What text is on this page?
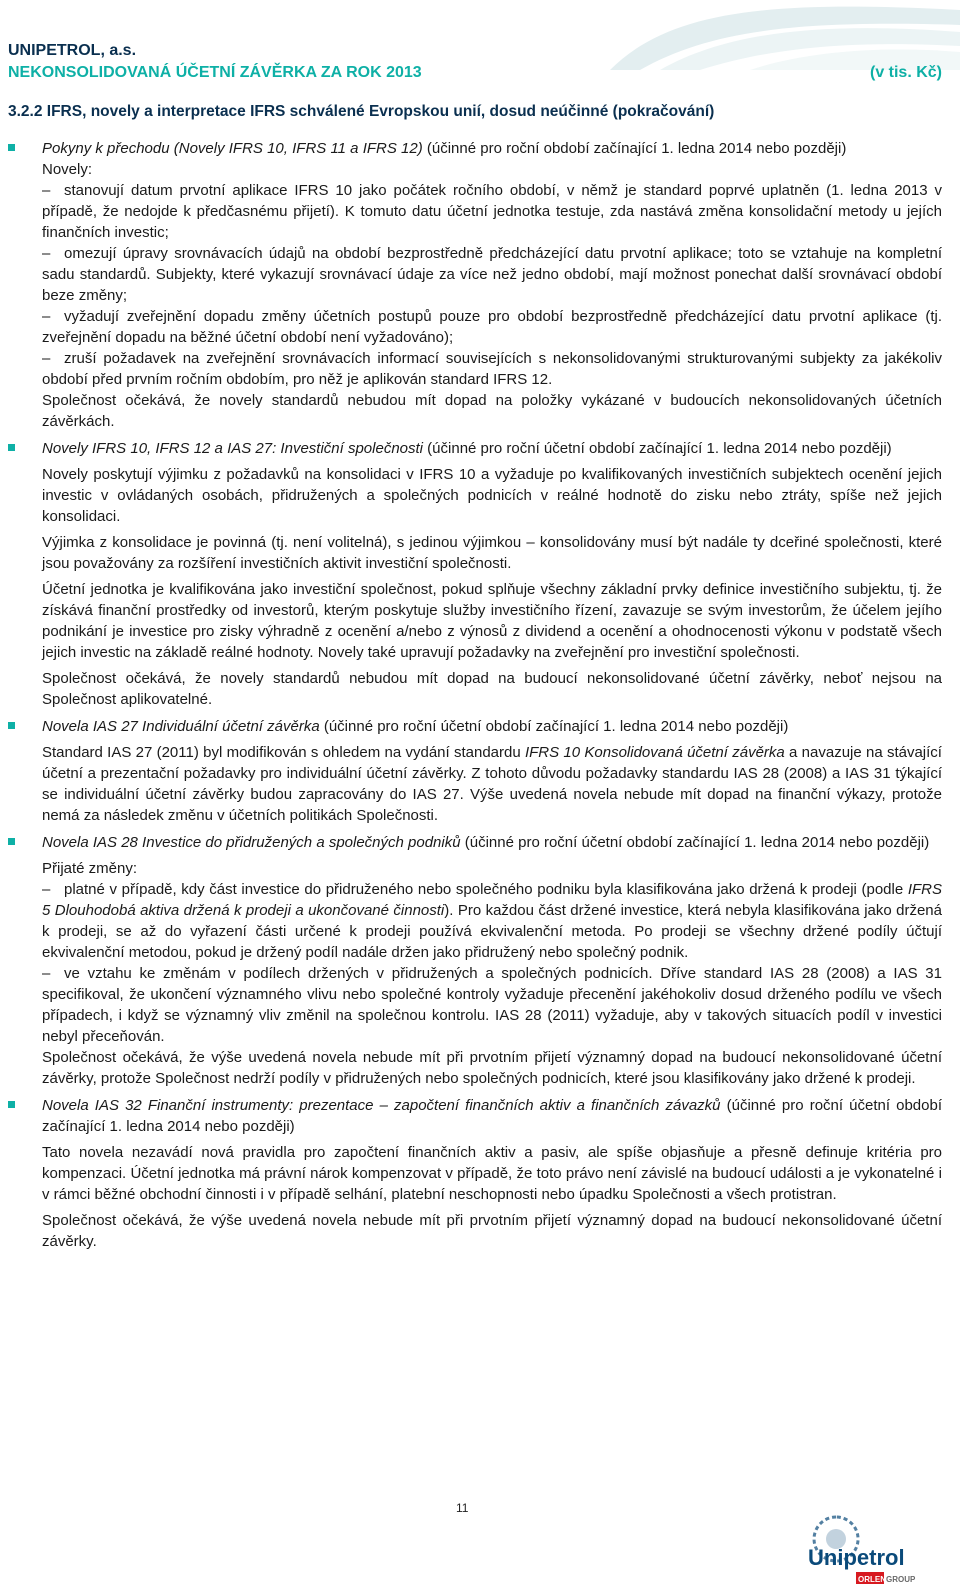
UNIPETROL, a.s.
NEKONSOLIDOVANÁ ÚČETNÍ ZÁVĚRKA ZA ROK 2013	(v tis. Kč)
3.2.2 IFRS, novely a interpretace IFRS schválené Evropskou unií, dosud neúčinné (pokračování)

Pokyny k přechodu (Novely IFRS 10, IFRS 11 a IFRS 12) (účinné pro roční období začínající 1. ledna 2014 nebo později)

Novely:

– stanovují datum prvotní aplikace IFRS 10 jako počátek ročního období, v němž je standard poprvé uplatněn (1. ledna 2013 v případě, že nedojde k předčasnému přijetí). K tomuto datu účetní jednotka testuje, zda nastává změna konsolidační metody u jejích finančních investic;

– omezují úpravy srovnávacích údajů na období bezprostředně předcházející datu prvotní aplikace; toto se vztahuje na kompletní sadu standardů. Subjekty, které vykazují srovnávací údaje za více než jedno období, mají možnost ponechat další srovnávací období beze změny;

– vyžadují zveřejnění dopadu změny účetních postupů pouze pro období bezprostředně předcházející datu prvotní aplikace (tj. zveřejnění dopadu na běžné účetní období není vyžadováno);

– zruší požadavek na zveřejnění srovnávacích informací souvisejících s nekonsolidovanými strukturovanými subjekty za jakékoliv období před prvním ročním obdobím, pro něž je aplikován standard IFRS 12.

Společnost očekává, že novely standardů nebudou mít dopad na položky vykázané v budoucích nekonsolidovaných účetních závěrkách.

Novely IFRS 10, IFRS 12 a IAS 27: Investiční společnosti (účinné pro roční účetní období začínající 1. ledna 2014 nebo později)

Novely poskytují výjimku z požadavků na konsolidaci v IFRS 10 a vyžaduje po kvalifikovaných investičních subjektech ocenění jejich investic v ovládaných osobách, přidružených a společných podnicích v reálné hodnotě do zisku nebo ztráty, spíše než jejich konsolidaci.

Výjimka z konsolidace je povinná (tj. není volitelná), s jedinou výjimkou – konsolidovány musí být nadále ty dceřiné společnosti, které jsou považovány za rozšíření investičních aktivit investiční společnosti.

Účetní jednotka je kvalifikována jako investiční společnost, pokud splňuje všechny základní prvky definice investičního subjektu, tj. že získává finanční prostředky od investorů, kterým poskytuje služby investičního řízení, zavazuje se svým investorům, že účelem jejího podnikání je investice pro zisky výhradně z ocenění a/nebo z výnosů z dividend a ocenění a ohodnocenosti výkonu v podstatě všech jejich investic na základě reálné hodnoty. Novely také upravují požadavky na zveřejnění pro investiční společnosti.

Společnost očekává, že novely standardů nebudou mít dopad na budoucí nekonsolidované účetní závěrky, neboť nejsou na Společnost aplikovatelné.

Novela IAS 27 Individuální účetní závěrka (účinné pro roční účetní období začínající 1. ledna 2014 nebo později)

Standard IAS 27 (2011) byl modifikován s ohledem na vydání standardu IFRS 10 Konsolidovaná účetní závěrka a navazuje na stávající účetní a prezentační požadavky pro individuální účetní závěrky. Z tohoto důvodu požadavky standardu IAS 28 (2008) a IAS 31 týkající se individuální účetní závěrky budou zapracovány do IAS 27. Výše uvedená novela nebude mít dopad na finanční výkazy, protože nemá za následek změnu v účetních politikách Společnosti.

Novela IAS 28 Investice do přidružených a společných podniků (účinné pro roční účetní období začínající 1. ledna 2014 nebo později)

Přijaté změny:

– platné v případě, kdy část investice do přidruženého nebo společného podniku byla klasifikována jako držená k prodeji (podle IFRS 5 Dlouhodobá aktiva držená k prodeji a ukončované činnosti). Pro každou část držené investice, která nebyla klasifikována jako držená k prodeji, se až do vyřazení části určené k prodeji používá ekvivalenční metoda. Po prodeji se všechny držené podíly účtují ekvivalenční metodou, pokud je držený podíl nadále držen jako přidružený nebo společný podnik.

– ve vztahu ke změnám v podílech držených v přidružených a společných podnicích. Dříve standard IAS 28 (2008) a IAS 31 specifikoval, že ukončení významného vlivu nebo společné kontroly vyžaduje přecenění jakéhokoliv dosud drženého podílu ve všech případech, i když se významný vliv změnil na společnou kontrolu. IAS 28 (2011) vyžaduje, aby v takových situacích podíl v investici nebyl přeceňován.

Společnost očekává, že výše uvedená novela nebude mít při prvotním přijetí významný dopad na budoucí nekonsolidované účetní závěrky, protože Společnost nedrží podíly v přidružených nebo společných podnicích, které jsou klasifikovány jako držené k prodeji.

Novela IAS 32 Finanční instrumenty: prezentace – započtení finančních aktiv a finančních závazků (účinné pro roční účetní období začínající 1. ledna 2014 nebo později)

Tato novela nezavádí nová pravidla pro započtení finančních aktiv a pasiv, ale spíše objasňuje a přesně definuje kritéria pro kompenzaci. Účetní jednotka má právní nárok kompenzovat v případě, že toto právo není závislé na budoucí události a je vykonatelné i v rámci běžné obchodní činnosti i v případě selhání, platební neschopnosti nebo úpadku Společnosti a všech protistran.

Společnost očekává, že výše uvedená novela nebude mít při prvotním přijetí významný dopad na budoucí nekonsolidované účetní závěrky.

11
Unipetrol
ORLEN GROUP
